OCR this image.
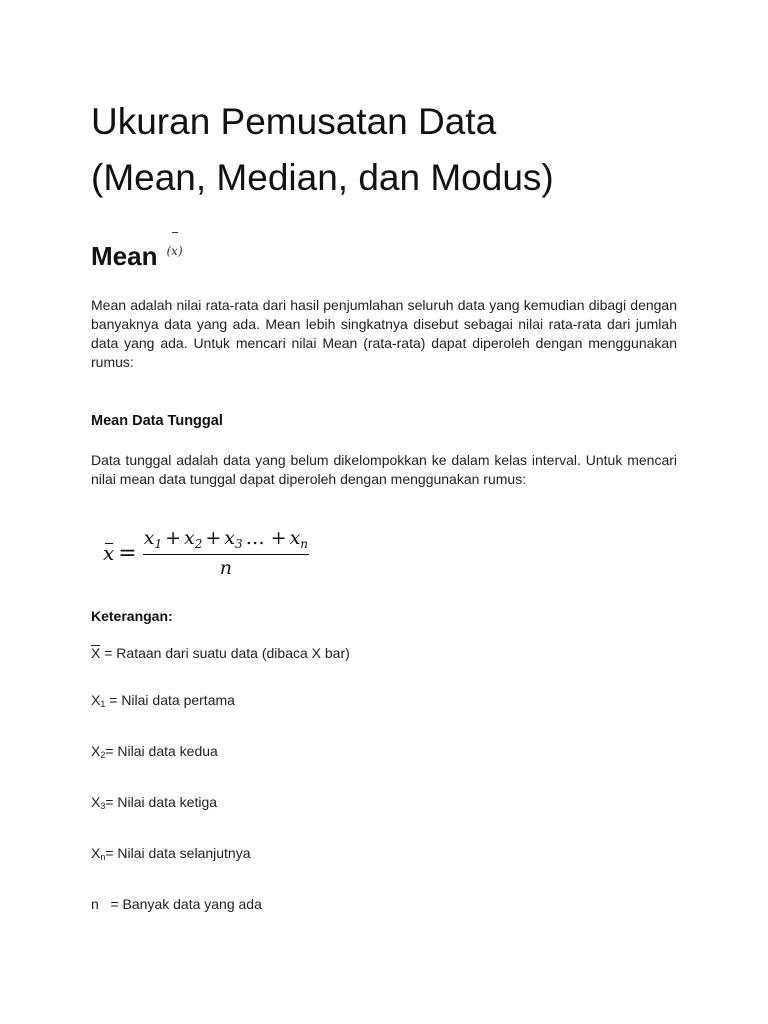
Ukuran Pemusatan Data
(Mean, Median, dan Modus)
Mean (x)

Mean adalah nilai rata-rata dari hasil penjumlahan seluruh data yang kemudian dibagi dengan banyaknya data yang ada. Mean lebih singkatnya disebut sebagai nilai rata-rata dari jumlah data yang ada. Untuk mencari nilai Mean (rata-rata) dapat diperoleh dengan menggunakan rumus:

Mean Data Tunggal

Data tunggal adalah data yang belum dikelompokkan ke dalam kelas interval. Untuk mencari nilai mean data tunggal dapat diperoleh dengan menggunakan rumus:

$x = \frac{x_1 + x_2 + x_3 \dots + x_n}{n}$
Keterangan:
X = Rataan dari suatu data (dibaca X bar)
$X_1$ = Nilai data pertama
$X_2=$ Nilai data kedua
$X_3=$ Nilai data ketiga
$X_n=$ Nilai data selanjutnya
n   = Banyak data yang ada
